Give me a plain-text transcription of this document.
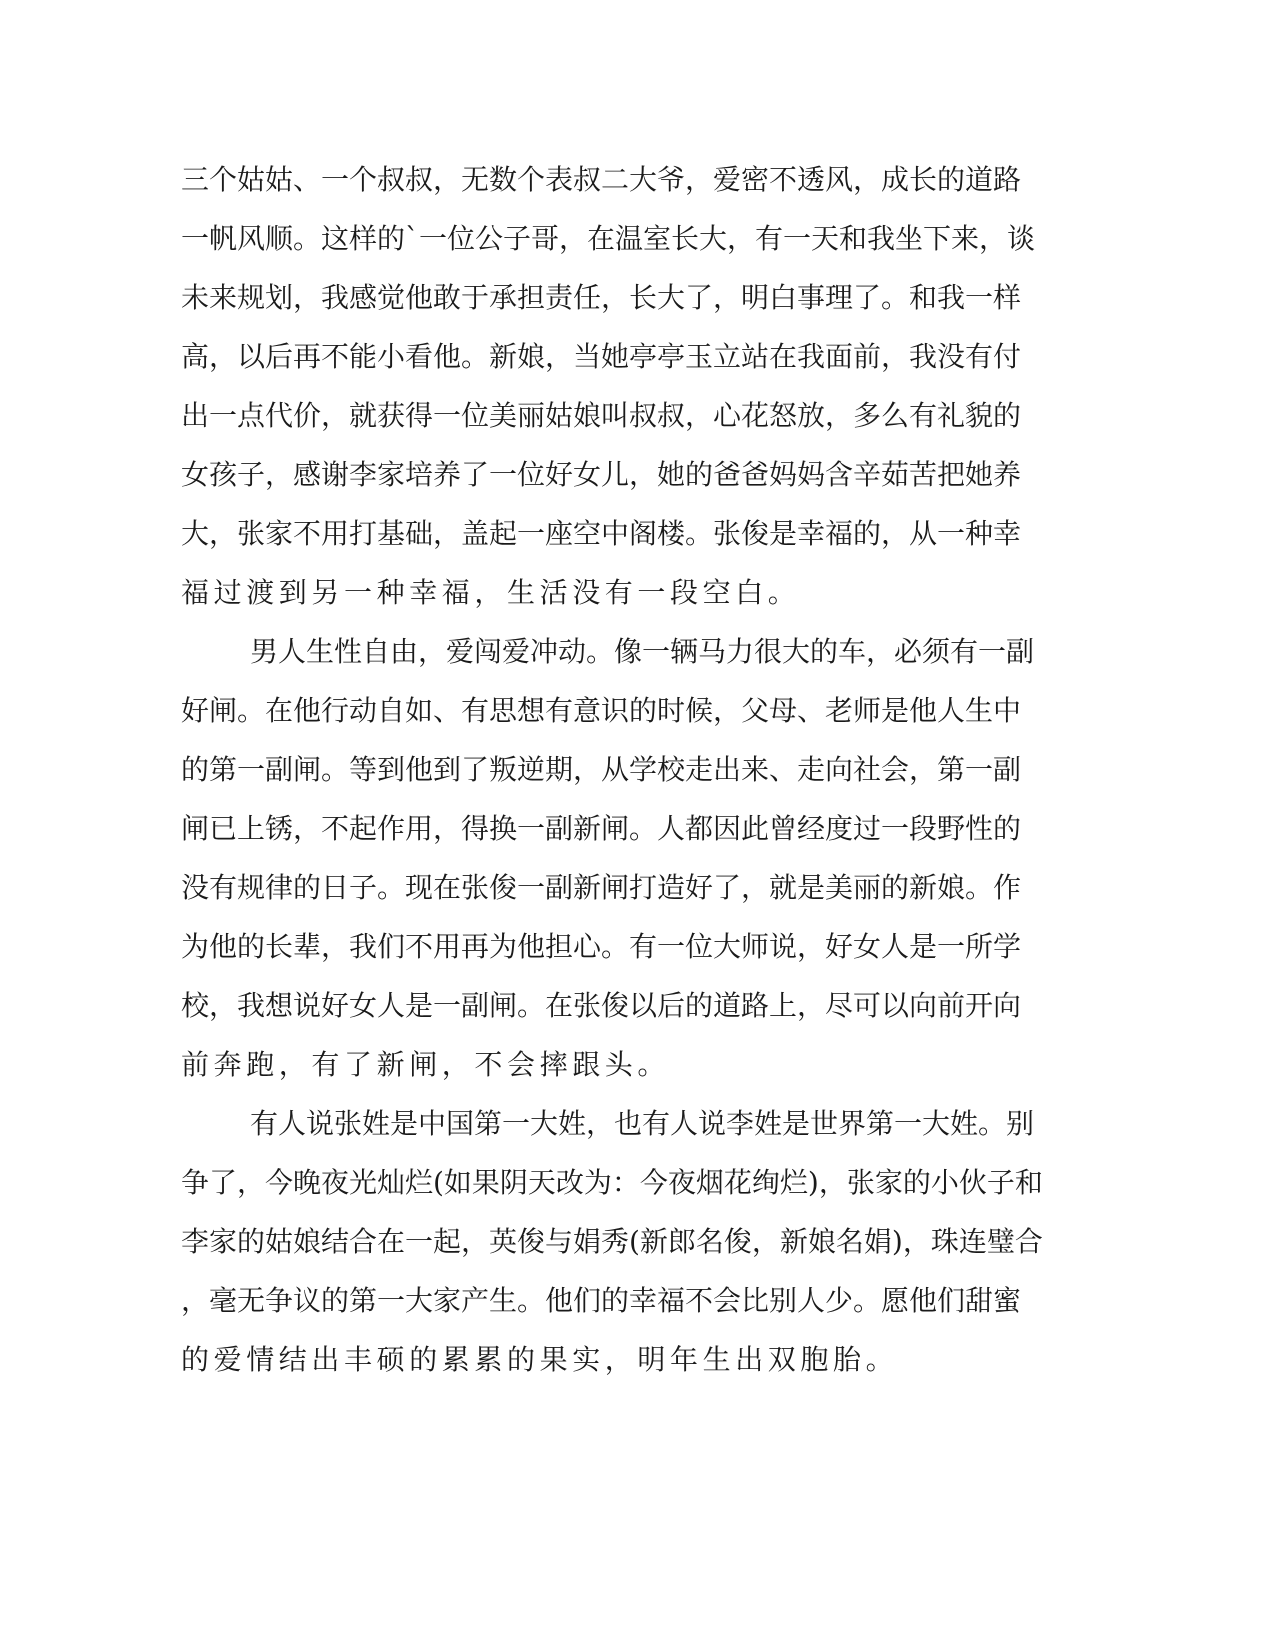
三个姑姑、一个叔叔，无数个表叔二大爷，爱密不透风，成长的道路
一帆风顺。这样的`一位公子哥，在温室长大，有一天和我坐下来，谈
未来规划，我感觉他敢于承担责任，长大了，明白事理了。和我一样
高，以后再不能小看他。新娘，当她亭亭玉立站在我面前，我没有付
出一点代价，就获得一位美丽姑娘叫叔叔，心花怒放，多么有礼貌的
女孩子，感谢李家培养了一位好女儿，她的爸爸妈妈含辛茹苦把她养
大，张家不用打基础，盖起一座空中阁楼。张俊是幸福的，从一种幸
福过渡到另一种幸福，生活没有一段空白。
男人生性自由，爱闯爱冲动。像一辆马力很大的车，必须有一副
好闸。在他行动自如、有思想有意识的时候，父母、老师是他人生中
的第一副闸。等到他到了叛逆期，从学校走出来、走向社会，第一副
闸已上锈，不起作用，得换一副新闸。人都因此曾经度过一段野性的
没有规律的日子。现在张俊一副新闸打造好了，就是美丽的新娘。作
为他的长辈，我们不用再为他担心。有一位大师说，好女人是一所学
校，我想说好女人是一副闸。在张俊以后的道路上，尽可以向前开向
前奔跑，有了新闸，不会摔跟头。
有人说张姓是中国第一大姓，也有人说李姓是世界第一大姓。别
争了，今晚夜光灿烂(如果阴天改为：今夜烟花绚烂)，张家的小伙子和
李家的姑娘结合在一起，英俊与娟秀(新郎名俊，新娘名娟)，珠连璧合
，毫无争议的第一大家产生。他们的幸福不会比别人少。愿他们甜蜜
的爱情结出丰硕的累累的果实，明年生出双胞胎。
